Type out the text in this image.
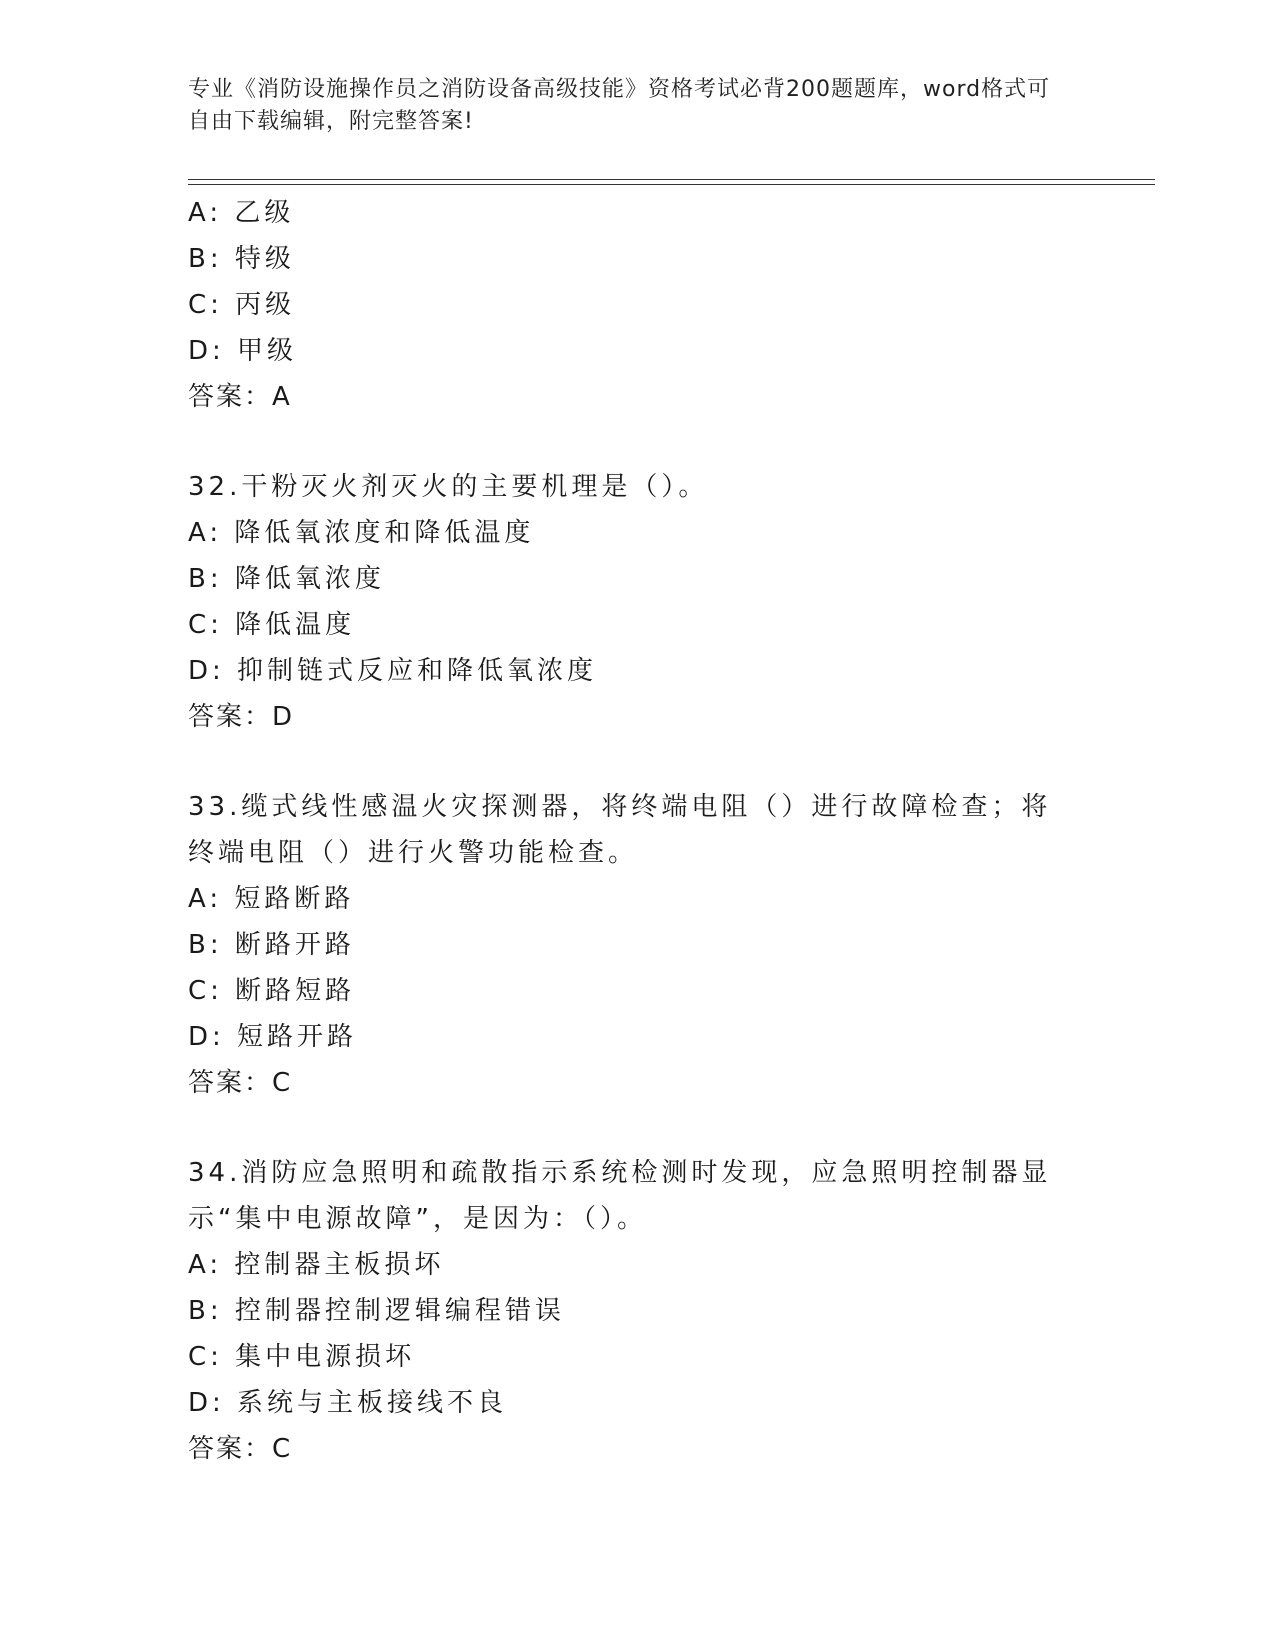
专业《消防设施操作员之消防设备高级技能》资格考试必背200题题库，word格式可自由下载编辑，附完整答案!
A: 乙级
B: 特级
C: 丙级
D: 甲级
答案：A
32.干粉灭火剂灭火的主要机理是（）。
A: 降低氧浓度和降低温度
B: 降低氧浓度
C: 降低温度
D: 抑制链式反应和降低氧浓度
答案：D
33.缆式线性感温火灾探测器，将终端电阻（）进行故障检查；将终端电阻（）进行火警功能检查。
A: 短路断路
B: 断路开路
C: 断路短路
D: 短路开路
答案：C
34.消防应急照明和疏散指示系统检测时发现，应急照明控制器显示“集中电源故障”，是因为：（）。
A: 控制器主板损坏
B: 控制器控制逻辑编程错误
C: 集中电源损坏
D: 系统与主板接线不良
答案：C
